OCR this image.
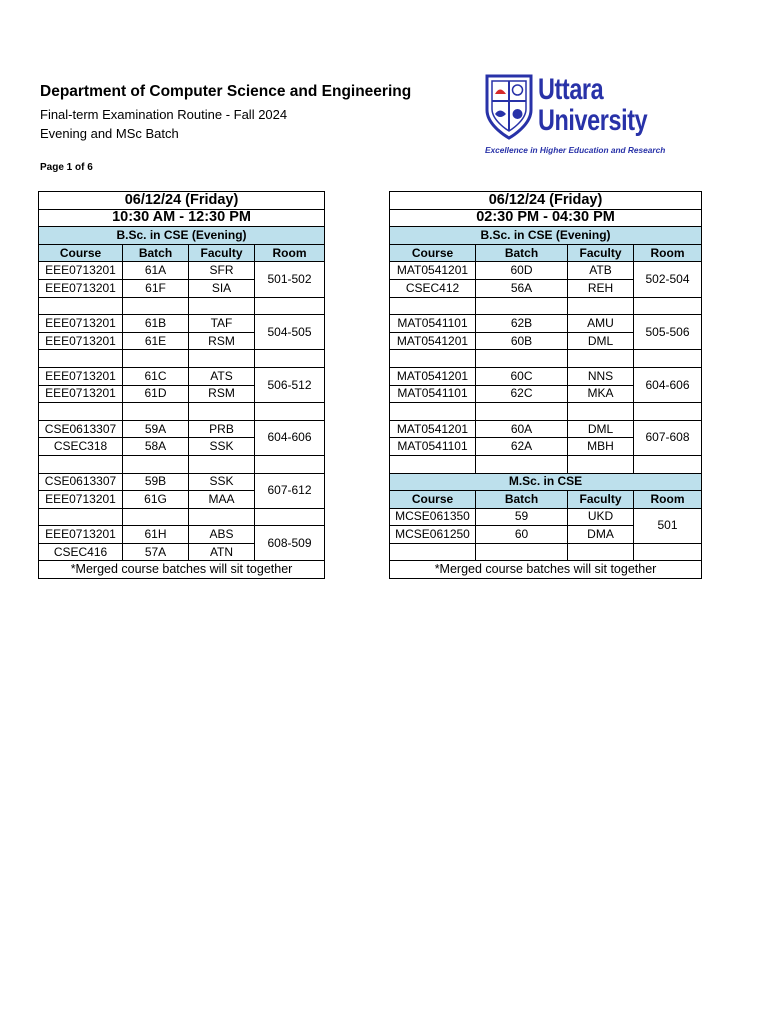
Department of Computer Science and Engineering
Final-term Examination Routine - Fall 2024
Evening and MSc Batch
Page 1 of 6
Uttara
University
Excellence in Higher Education and Research
06/12/24 (Friday)			
10:30 AM - 12:30 PM			
B.Sc. in CSE (Evening)			
Course	Batch	Faculty	Room
EEE0713201	61A	SFR	501-502
EEE0713201	61F	SIA	

EEE0713201	61B	TAF	504-505
EEE0713201	61E	RSM	

EEE0713201	61C	ATS	506-512
EEE0713201	61D	RSM	

CSE0613307	59A	PRB	604-606
CSEC318	58A	SSK	

CSE0613307	59B	SSK	607-612
EEE0713201	61G	MAA	

EEE0713201	61H	ABS	608-509
CSEC416	57A	ATN	
*Merged course batches will sit together			
06/12/24 (Friday)			
02:30 PM - 04:30 PM			
B.Sc. in CSE (Evening)			
Course	Batch	Faculty	Room
MAT0541201	60D	ATB	502-504
CSEC412	56A	REH	

MAT0541101	62B	AMU	505-506
MAT0541201	60B	DML	

MAT0541201	60C	NNS	604-606
MAT0541101	62C	MKA	

MAT0541201	60A	DML	607-608
MAT0541101	62A	MBH	

M.Sc. in CSE			
Course	Batch	Faculty	Room
MCSE061350	59	UKD	501
MCSE061250	60	DMA	

*Merged course batches will sit together			
